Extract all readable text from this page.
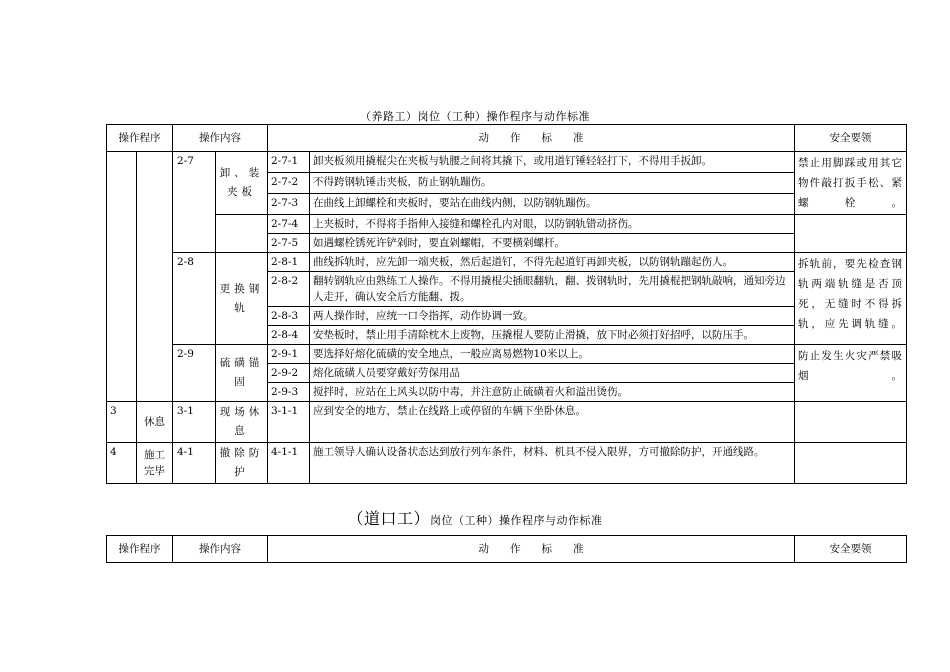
（养路工）岗位（工种）操作程序与动作标准
操作程序		操作内容		动　　作　　标　　准		安全要领
		2-7	卸、装夹板	2-7-1	卸夹板须用撬棍尖在夹板与轨腰之间将其撬下，或用道钉锤轻轻打下，不得用手扳卸。	禁止用脚踩或用其它物件敲打扳手松、紧螺栓。
				2-7-2	不得跨钢轨锤击夹板，防止钢轨蹦伤。	
				2-7-3	在曲线上卸螺栓和夹板时，要站在曲线内侧，以防钢轨蹦伤。	
				2-7-4	上夹板时，不得将手指伸入接缝和螺栓孔内对眼，以防钢轨错动挤伤。	
				2-7-5	如遇螺栓锈死许铲剁时，要直剁螺帽，不要横剁螺杆。	
		2-8	更换钢轨	2-8-1	曲线拆轨时，应先卸一端夹板，然后起道钉，不得先起道钉再卸夹板，以防钢轨蹦起伤人。	拆轨前，要先检查钢轨两端轨缝是否顶死，无缝时不得拆轨，应先调轨缝。
				2-8-2	翻转钢轨应由熟练工人操作。不得用撬棍尖插眼翻轨，翻、拨钢轨时，先用撬棍把钢轨敲响，通知旁边人走开，确认安全后方能翻、拨。	
				2-8-3	两人操作时，应统一口令指挥，动作协调一致。	
				2-8-4	安垫板时，禁止用手清除枕木上废物，压撬棍人要防止滑撬，放下时必须打好招呼，以防压手。	
		2-9	硫磺锚固	2-9-1	要选择好熔化硫磺的安全地点，一般应离易燃物10米以上。	防止发生火灾严禁吸烟。
				2-9-2	熔化硫磺人员要穿戴好劳保用品	
				2-9-3	搅拌时，应站在上风头以防中毒，并注意防止硫磺着火和溢出烫伤。	
3	休息	3-1	现场休息	3-1-1	应到安全的地方，禁止在线路上或停留的车辆下坐卧休息。	
4	施工完毕	4-1	撤除防护	4-1-1	施工领导人确认设备状态达到放行列车条件，材料、机具不侵入限界，方可撤除防护，开通线路。	
（道口工）岗位（工种）操作程序与动作标准
操作程序	操作内容	动　　作　　标　　准	安全要领
